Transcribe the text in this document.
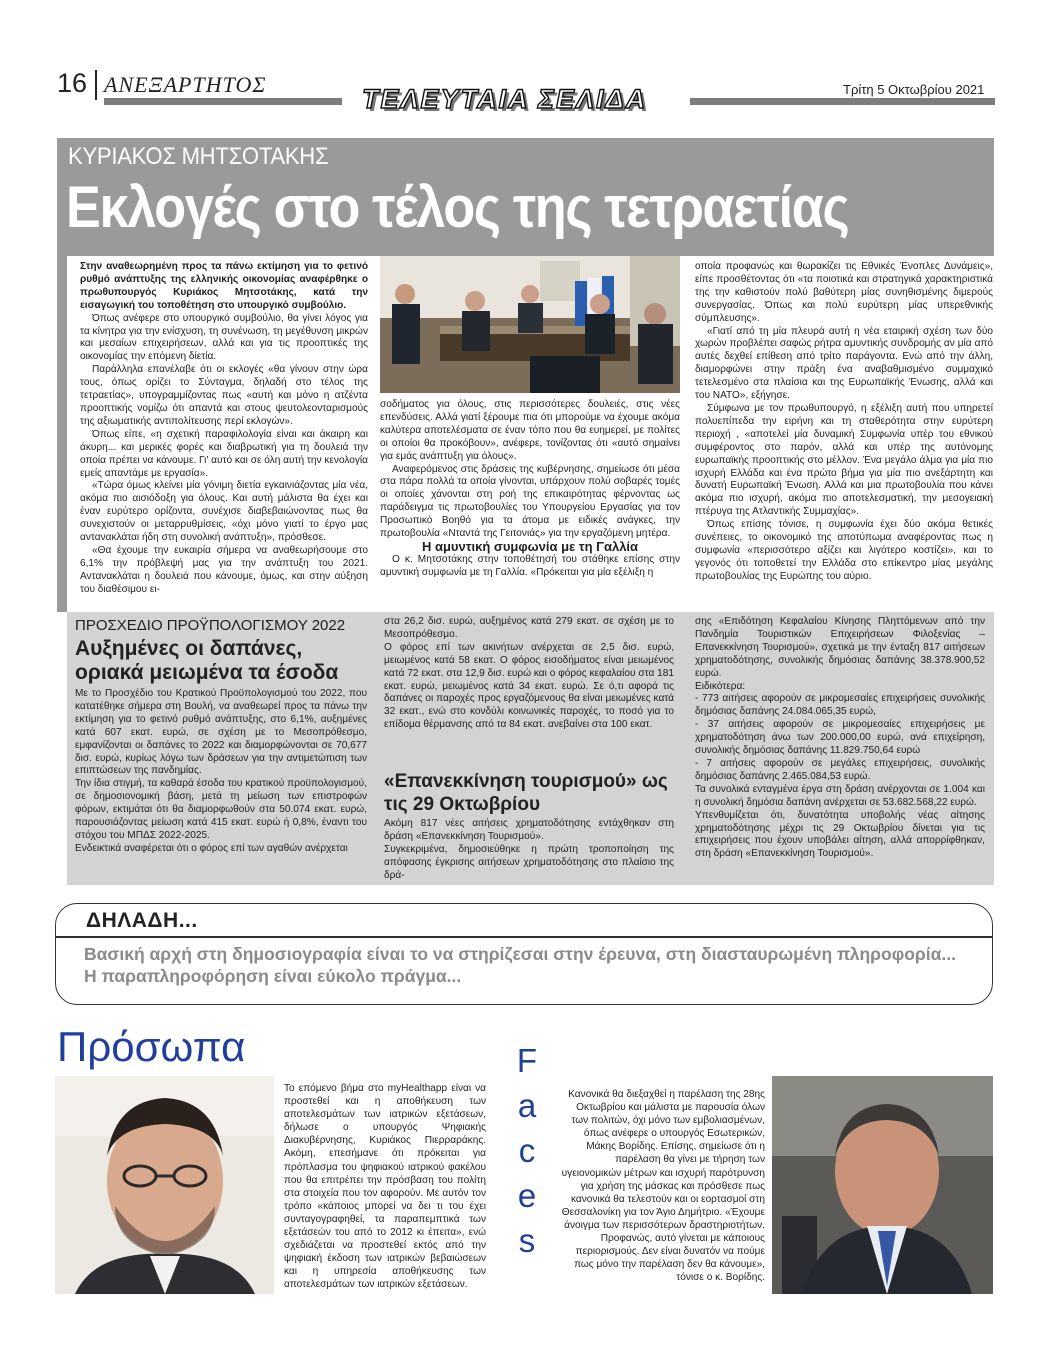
16 ΑΝΕΞΑΡΤΗΤΟΣ	ΤΕΛΕΥΤΑΙΑ ΣΕΛΙΔΑ	Τρίτη 5 Οκτωβρίου 2021
ΚΥΡΙΑΚΟΣ ΜΗΤΣΟΤΑΚΗΣ
Εκλογές στο τέλος της τετραετίας

Στην αναθεωρημένη προς τα πάνω εκτίμηση για το φετινό ρυθμό ανάπτυξης της ελληνικής οικονομίας αναφέρθηκε ο πρωθυπουργός Κυριάκος Μητσοτάκης, κατά την εισαγωγική του τοποθέτηση στο υπουργικό συμβούλιο.

Όπως ανέφερε στο υπουργικό συμβούλιο, θα γίνει λόγος για τα κίνητρα για την ενίσχυση, τη συνένωση, τη μεγέθυνση μικρών και μεσαίων επιχειρήσεων, αλλά και για τις προοπτικές της οικονομίας την επόμενη δίετία.

Παράλληλα επανέλαβε ότι οι εκλογές «θα γίνουν στην ώρα τους, όπως ορίζει το Σύνταγμα, δηλαδή στο τέλος της τετραετίας», υπογραμμίζοντας πως «αυτή και μόνο η ατζέντα προοπτικής νομίζω ότι απαντά και στους ψευτολεονταρισμούς της αξιωματικής αντιπολίτευσης περί εκλογών».

Όπως είπε, «η σχετική παραφιλολογία είναι και άκαιρη και άκυρη... και μερικές φορές και διαβρωτική για τη δουλειά την οποία πρέπει να κάνουμε. Γι' αυτό και σε όλη αυτή την κενολογία εμείς απαντάμε με εργασία».

«Τώρα όμως κλείνει μία γόνιμη διετία εγκαινιάζοντας μία νέα, ακόμα πιο αισιόδοξη για όλους. Και αυτή μάλιστα θα έχει και έναν ευρύτερο ορίζοντα, συνέχισε διαβεβαιώνοντας πως θα συνεχιστούν οι μεταρρυθμίσεις, «όχι μόνο γιατί το έργο μας αντανακλάται ήδη στη συνολική ανάπτυξη», πρόσθεσε.

«Θα έχουμε την ευκαιρία σήμερα να αναθεωρήσουμε στο 6,1% την πρόβλεψή μας για την ανάπτυξη του 2021. Αντανακλάται η δουλειά που κάνουμε, όμως, και στην αύξηση του διαθέσιμου ει-

σοδήματος για όλους, στις περισσότερες δουλειές, στις νέες επενδύσεις. Αλλά γιατί ξέρουμε πια ότι μπορούμε να έχουμε ακόμα καλύτερα αποτελέσματα σε έναν τόπο που θα ευημερεί, με πολίτες οι οποίοι θα προκόβουν», ανέφερε, τονίζοντας ότι «αυτό σημαίνει για εμάς ανάπτυξη για όλους».

Αναφερόμενος στις δράσεις της κυβέρνησης, σημείωσε ότι μέσα στα πάρα πολλά τα οποία γίνονται, υπάρχουν πολύ σοβαρές τομές οι οποίες χάνονται στη ροή της επικαιρότητας φέρνοντας ως παράδειγμα τις πρωτοβουλίες του Υπουργείου Εργασίας για τον Προσωπικό Βοηθό για τα άτομα με ειδικές ανάγκες, την πρωτοβουλία «Νταντά της Γειτονιάς» για την εργαζόμενη μητέρα.

Η αμυντική συμφωνία με τη Γαλλία

Ο κ. Μητσοτάκης στην τοποθέτησή του στάθηκε επίσης στην αμυντική συμφωνία με τη Γαλλία. «Πρόκειται για μία εξέλιξη η

οποία προφανώς και θωρακίζει τις Εθνικές Ένοπλες Δυνάμεις», είπε προσθέτοντας ότι «τα ποιοτικά και στρατηγικά χαρακτηριστικά της την καθιστούν πολύ βαθύτερη μίας συνηθισμένης διμερούς συνεργασίας. Όπως και πολύ ευρύτερη μίας υπερεθνικής σύμπλευσης».

«Γιατί από τη μία πλευρά αυτή η νέα εταιρική σχέση των δύο χωρών προβλέπει σαφώς ρήτρα αμυντικής συνδρομής αν μία από αυτές δεχθεί επίθεση από τρίτο παράγοντα. Ενώ από την άλλη, διαμορφώνει στην πράξη ένα αναβαθμισμένο συμμαχικό τετελεσμένο στα πλαίσια και της Ευρωπαϊκής Ένωσης, αλλά και του ΝΑΤΟ», εξήγησε.

Σύμφωνα με τον πρωθυπουργό, η εξέλιξη αυτή που υπηρετεί πολυεπίπεδα την ειρήνη και τη σταθερότητα στην ευρύτερη περιοχή , «αποτελεί μία δυναμική Συμφωνία υπέρ του εθνικού συμφέροντος στο παρόν, αλλά και υπέρ της αυτόνομης ευρωπαϊκής προοπτικής στο μέλλον. Ένα μεγάλο άλμα για μία πιο ισχυρή Ελλάδα και ένα πρώτο βήμα για μία πιο ανεξάρτητη και δυνατή Ευρωπαϊκή Ένωση. Αλλά και μια πρωτοβουλία που κάνει ακόμα πιο ισχυρή, ακόμα πιο αποτελεσματική, την μεσογειακή πτέρυγα της Ατλαντικής Συμμαχίας».

Όπως επίσης τόνισε, η συμφωνία έχει δύο ακόμα θετικές συνέπειες, το οικονομικό της αποτύπωμα αναφέροντας πως η συμφωνία «περισσότερο αξίζει και λιγότερο κοστίζει», και το γεγονός ότι τοποθετεί την Ελλάδα στο επίκεντρο μίας μεγάλης πρωτοβουλίας της Ευρώπης του αύριο.

ΠΡΟΣΧΕΔΙΟ ΠΡΟΫΠΟΛΟΓΙΣΜΟΥ 2022
Αυξημένες οι δαπάνες, οριακά μειωμένα τα έσοδα

Με το Προσχέδιο του Κρατικού Προϋπολογισμού του 2022, που κατατέθηκε σήμερα στη Βουλή, να αναθεωρεί προς τα πάνω την εκτίμηση για το φετινό ρυθμό ανάπτυξης, στο 6,1%, αυξημένες κατά 607 εκατ. ευρώ, σε σχέση με το Μεσοπρόθεσμο, εμφανίζονται οι δαπάνες το 2022 και διαμορφώνονται σε 70,677 δισ. ευρώ, κυρίως λόγω των δράσεων για την αντιμετώπιση των επιπτώσεων της πανδημίας.

Την ίδια στιγμή, τα καθαρά έσοδα του κρατικού προϋπολογισμού, σε δημοσιονομική βάση, μετά τη μείωση των επιστροφών φόρων, εκτιμάται ότι θα διαμορφωθούν στα 50.074 εκατ. ευρώ, παρουσιάζοντας μείωση κατά 415 εκατ. ευρώ ή 0,8%, έναντι του στόχου του ΜΠΔΣ 2022-2025.

Ενδεικτικά αναφέρεται ότι ο φόρος επί των αγαθών ανέρχεται

στα 26,2 δισ. ευρώ, αυξημένος κατά 279 εκατ. σε σχέση με το Μεσοπρόθεσμο.

Ο φόρος επί των ακινήτων ανέρχεται σε 2,5 δισ. ευρώ, μειωμένος κατά 58 εκατ. Ο φόρος εισοδήματος είναι μειωμένος κατά 72 εκατ. στα 12,9 δισ. ευρώ και ο φόρος κεφαλαίου στα 181 εκατ. ευρώ, μειωμένος κατά 34 εκατ. ευρώ. Σε ό,τι αφορά τις δαπάνες οι παροχές προς εργαζόμενους θα είναι μειωμένες κατά 32 εκατ., ενώ στο κονδύλι κοινωνικές παροχές, το ποσό για το επίδομα θέρμανσης από τα 84 εκατ. ανεβαίνει στα 100 εκατ.

«Επανεκκίνηση τουρισμού» ως τις 29 Οκτωβρίου

Ακόμη 817 νέες αιτήσεις χρηματοδότησης εντάχθηκαν στη δράση «Επανεκκίνηση Τουρισμού».

Συγκεκριμένα, δημοσιεύθηκε η πρώτη τροποποίηση της απόφασης έγκρισης αιτήσεων χρηματοδότησης στο πλαίσιο της δρά-

σης «Επιδότηση Κεφαλαίου Κίνησης Πληττόμενων από την Πανδημία Τουριστικών Επιχειρήσεων Φιλοξενίας – Επανεκκίνηση Τουρισμού», σχετικά με την ένταξη 817 αιτήσεων χρηματοδότησης, συνολικής δημόσιας δαπάνης 38.378.900,52 ευρώ.

Ειδικότερα:

- 773 αιτήσεις αφορούν σε μικρομεσαίες επιχειρήσεις συνολικής δημόσιας δαπάνης 24.084.065,35 ευρώ,

- 37 αιτήσεις αφορούν σε μικρομεσαίες επιχειρήσεις με χρηματοδότηση άνω των 200.000,00 ευρώ, ανά επιχείρηση, συνολικής δημόσιας δαπάνης 11.829.750,64 ευρώ

- 7 αιτήσεις αφορούν σε μεγάλες επιχειρήσεις, συνολικής δημόσιας δαπάνης 2.465.084,53 ευρώ.

Τα συνολικά ενταγμένα έργα στη δράση ανέρχονται σε 1.004 και η συνολική δημόσια δαπάνη ανέρχεται σε 53.682.568,22 ευρώ.

Υπενθυμίζεται ότι, δυνατότητα υποβολής νέας αίτησης χρηματοδότησης μέχρι τις 29 Οκτωβρίου δίνεται για τις επιχειρήσεις που έχουν υποβάλει αίτηση, αλλά απορρίφθηκαν, στη δράση «Επανεκκίνηση Τουρισμού».

ΔΗΛΑΔΗ...
Βασική αρχή στη δημοσιογραφία είναι το να στηρίζεσαι στην έρευνα, στη διασταυρωμένη πληροφορία... Η παραπληροφόρηση είναι εύκολο πράγμα...
Πρόσωπα

Το επόμενο βήμα στο myHealthapp είναι να προστεθεί και η αποθήκευση των αποτελεσμάτων των ιατρικών εξετάσεων, δήλωσε ο υπουργός Ψηφιακής Διακυβέρνησης, Κυριάκος Πιερραράκης. Ακόμη, επεσήμανε ότι πρόκειται για πρόπλασμα του ψηφιακού ιατρικού φακέλου που θα επιτρέπει την πρόσβαση του πολίτη στα στοιχεία που τον αφορούν. Με αυτόν τον τρόπο «κάποιος μπορεί να δει τι του έχει συνταγογραφηθεί, τα παραπεμπτικά των εξετάσεών του από το 2012 κι έπειτα», ενώ σχεδιάζεται να προστεθεί εκτός από την ψηφιακή έκδοση των ιατρικών βεβαιώσεων και η υπηρεσία αποθήκευσης των αποτελεσμάτων των ιατρικών εξετάσεων.

F
a
c
e
s

Κανονικά θα διεξαχθεί η παρέλαση της 28ης Οκτωβρίου και μάλιστα με παρουσία όλων των πολιτών, όχι μόνο των εμβολιασμένων, όπως ανέφερε ο υπουργός Εσωτερικών, Μάκης Βορίδης. Επίσης, σημείωσε ότι η παρέλαση θα γίνει με τήρηση των υγειονομικών μέτρων και ισχυρή παρότρυνση για χρήση της μάσκας και πρόσθεσε πως κανονικά θα τελεστούν και οι εορτασμοί στη Θεσσαλονίκη για τον Άγιο Δημήτριο. «Έχουμε άνοιγμα των περισσότερων δραστηριοτήτων. Προφανώς, αυτό γίνεται με κάποιους περιορισμούς. Δεν είναι δυνατόν να πούμε πως μόνο την παρέλαση δεν θα κάνουμε», τόνισε ο κ. Βορίδης.
